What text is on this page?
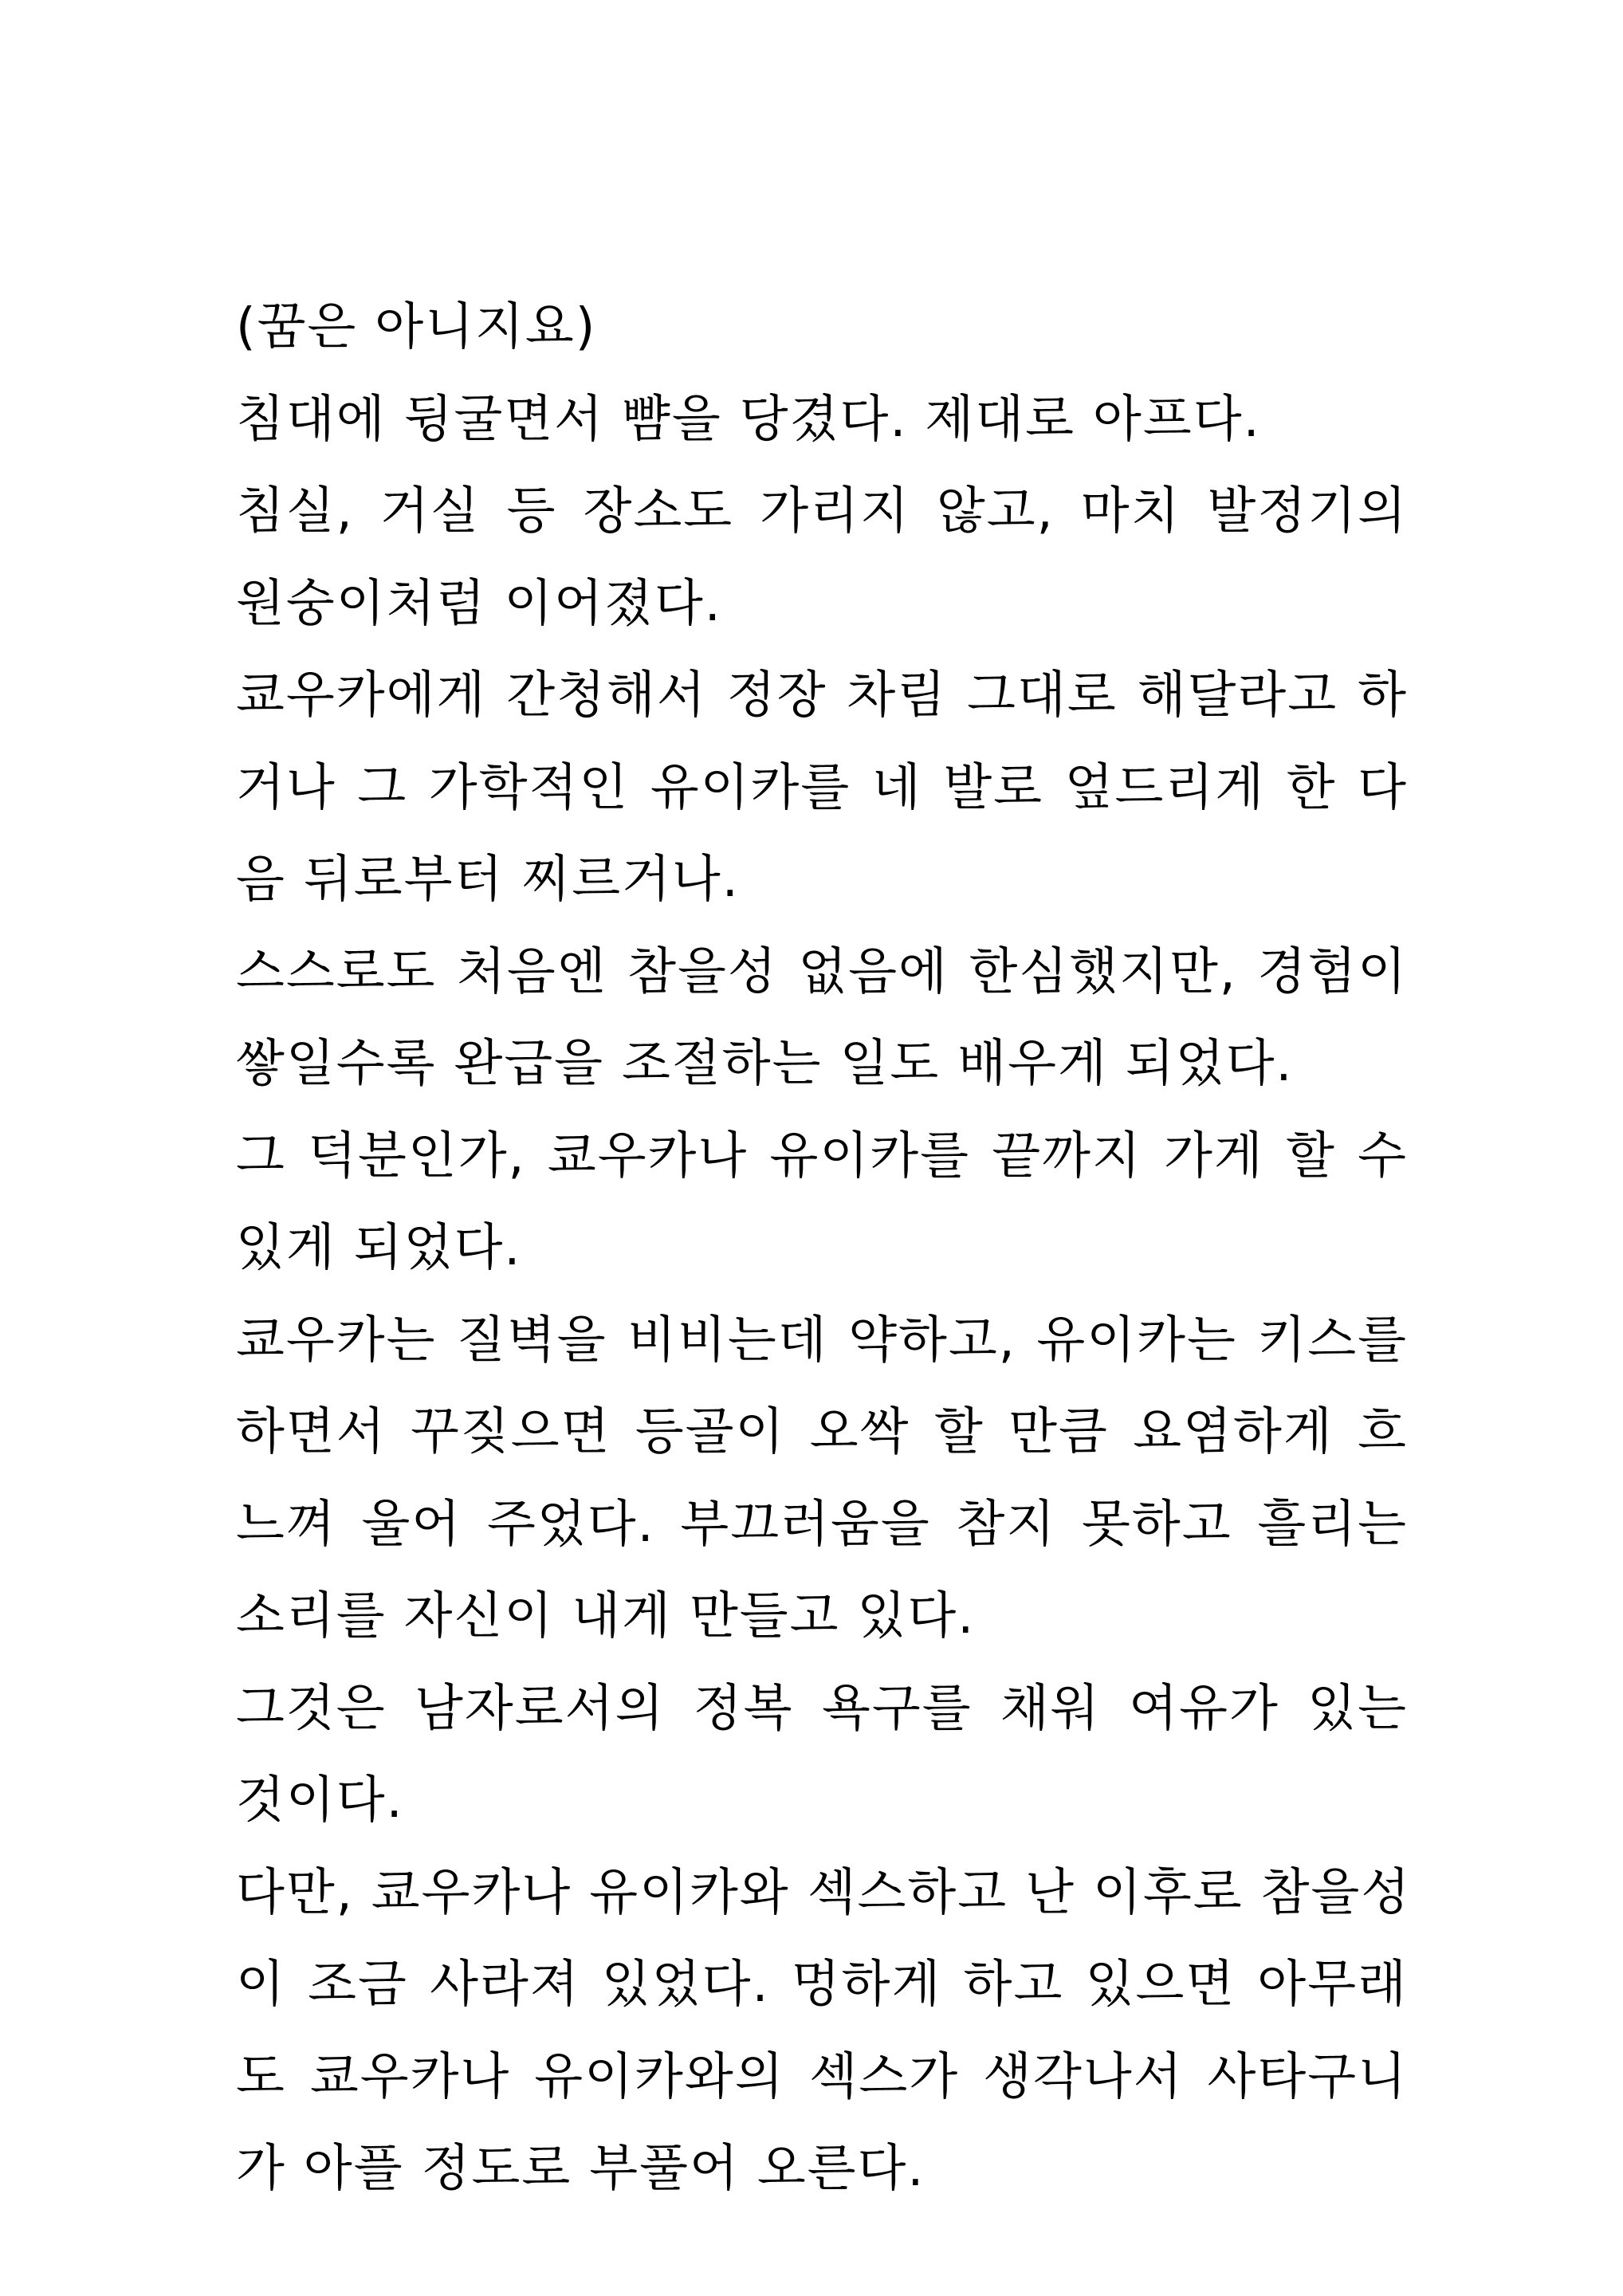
(꿈은 아니지요)
침대에 뒹굴면서 뺨을 당겼다. 제대로 아프다.
침실, 거실 등 장소도 가리지 않고, 마치 발정기의
원숭이처럼 이어졌다.
쿄우카에게 간청해서 정장 차림 그대로 해달라고 하
거나 그 가학적인 유이카를 네 발로 엎드리게 한 다
음 뒤로부터 찌르거나.
스스로도 처음엔 참을성 없음에 한심했지만, 경험이
쌓일수록 완급을 조절하는 일도 배우게 되었다.
그 덕분인가, 쿄우카나 유이카를 끝까지 가게 할 수
있게 되었다.
쿄우카는 질벽을 비비는데 약하고, 유이카는 키스를
하면서 꾸짖으면 등골이 오싹 할 만큼 요염하게 흐
느껴 울어 주었다. 부끄러움을 참지 못하고 흘리는
소리를 자신이 내게 만들고 있다.
그것은 남자로서의 정복 욕구를 채워 여유가 있는
것이다.
다만, 쿄우카나 유이카와 섹스하고 난 이후로 참을성
이 조금 사라져 있었다. 멍하게 하고 있으면 아무래
도 쿄우카나 유이카와의 섹스가 생각나서 사타구니
가 아플 정도로 부풀어 오른다.
